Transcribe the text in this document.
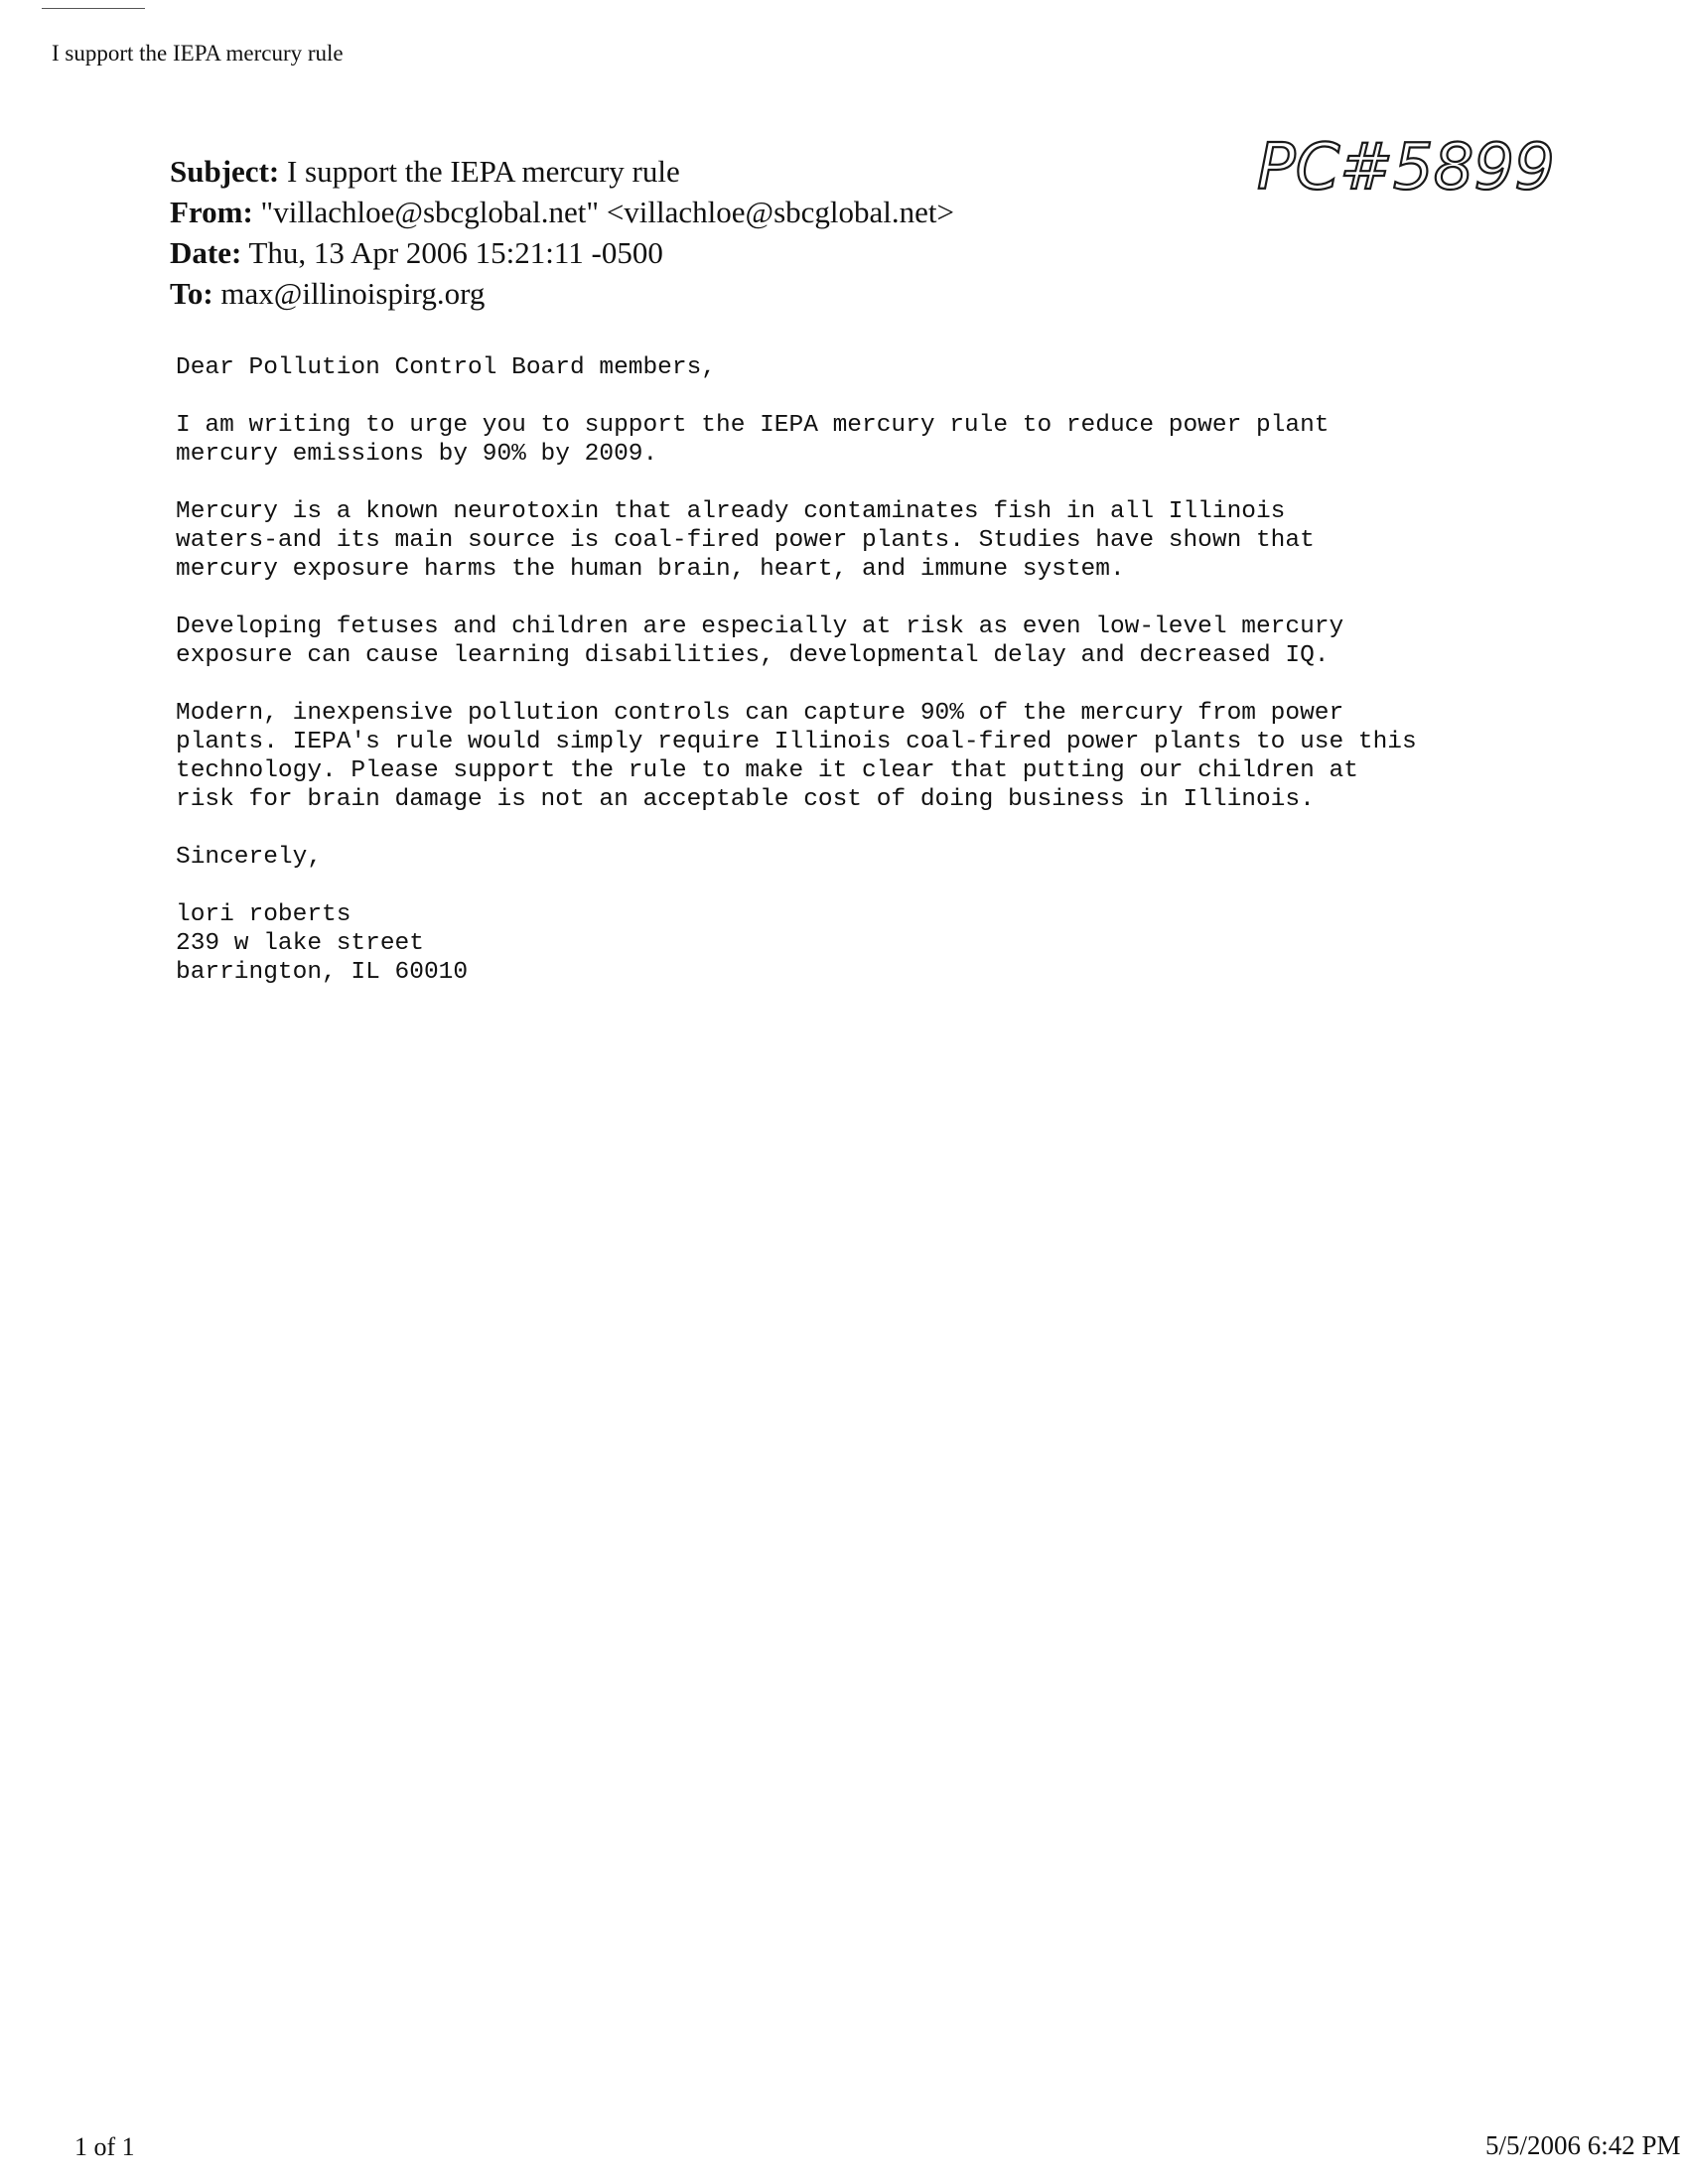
I support the IEPA mercury rule
PC#5899
Subject: I support the IEPA mercury rule
From: "villachloe@sbcglobal.net" <villachloe@sbcglobal.net>
Date: Thu, 13 Apr 2006 15:21:11 -0500
To: max@illinoispirg.org

Dear Pollution Control Board members,

I am writing to urge you to support the IEPA mercury rule to reduce power plant
mercury emissions by 90% by 2009.

Mercury is a known neurotoxin that already contaminates fish in all Illinois
waters-and its main source is coal-fired power plants. Studies have shown that
mercury exposure harms the human brain, heart, and immune system.

Developing fetuses and children are especially at risk as even low-level mercury
exposure can cause learning disabilities, developmental delay and decreased IQ.

Modern, inexpensive pollution controls can capture 90% of the mercury from power
plants. IEPA's rule would simply require Illinois coal-fired power plants to use this
technology. Please support the rule to make it clear that putting our children at
risk for brain damage is not an acceptable cost of doing business in Illinois.

Sincerely,

lori roberts
239 w lake street
barrington, IL 60010

1 of 1	5/5/2006 6:42 PM
